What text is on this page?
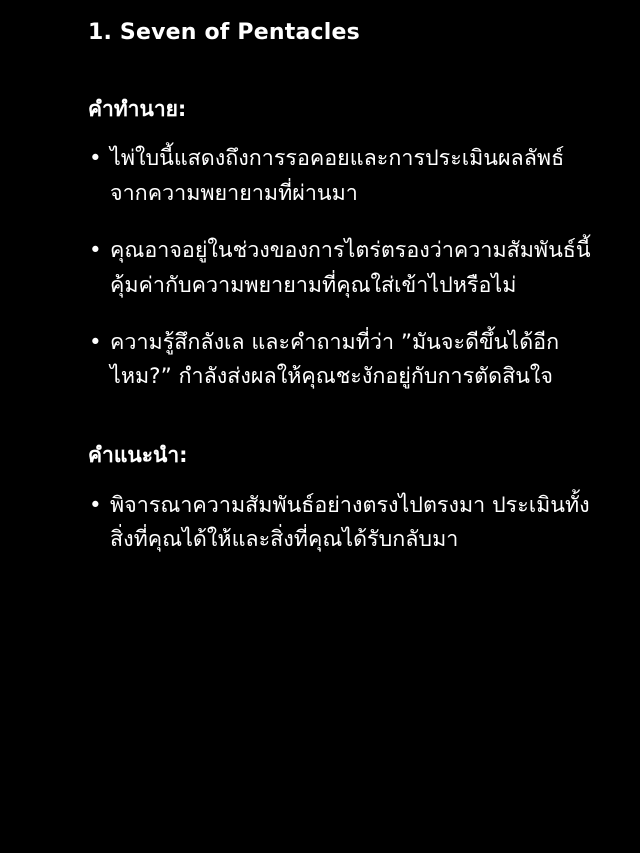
1. Seven of Pentacles
คำทำนาย:
• ไพ่ใบนี้แสดงถึงการรอคอยและการประเมินผลลัพธ์จากความพยายามที่ผ่านมา
• คุณอาจอยู่ในช่วงของการไตร่ตรองว่าความสัมพันธ์นี้คุ้มค่ากับความพยายามที่คุณใส่เข้าไปหรือไม่
• ความรู้สึกลังเล และคำถามที่ว่า ”มันจะดีขึ้นได้อีกไหม?” กำลังส่งผลให้คุณชะงักอยู่กับการตัดสินใจ
คำแนะนำ:
• พิจารณาความสัมพันธ์อย่างตรงไปตรงมา ประเมินทั้งสิ่งที่คุณได้ให้และสิ่งที่คุณได้รับกลับมา
